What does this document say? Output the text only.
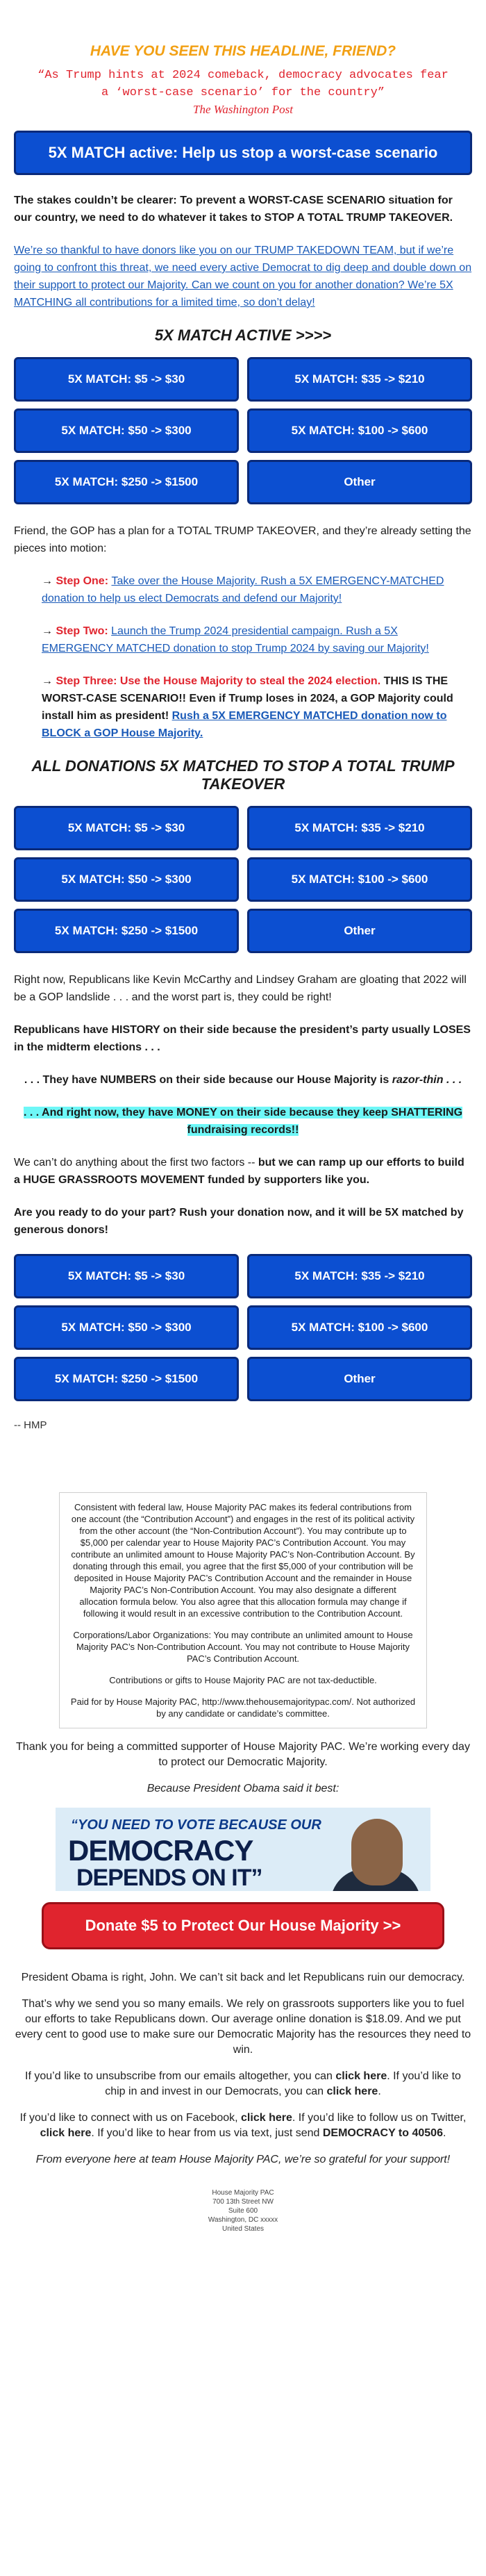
HAVE YOU SEEN THIS HEADLINE, FRIEND?
“As Trump hints at 2024 comeback, democracy advocates fear a ‘worst-case scenario’ for the country”
The Washington Post
5X MATCH active: Help us stop a worst-case scenario

The stakes couldn’t be clearer: To prevent a WORST-CASE SCENARIO situation for our country, we need to do whatever it takes to STOP A TOTAL TRUMP TAKEOVER.

We’re so thankful to have donors like you on our TRUMP TAKEDOWN TEAM, but if we’re going to confront this threat, we need every active Democrat to dig deep and double down on their support to protect our Majority. Can we count on you for another donation? We’re 5X MATCHING all contributions for a limited time, so don’t delay!

5X MATCH ACTIVE >>>>
5X MATCH: $5 -> $30	5X MATCH: $35 -> $210
5X MATCH: $50 -> $300	5X MATCH: $100 -> $600
5X MATCH: $250 -> $1500	Other

Friend, the GOP has a plan for a TOTAL TRUMP TAKEOVER, and they’re already setting the pieces into motion:

→ Step One: Take over the House Majority. Rush a 5X EMERGENCY-MATCHED donation to help us elect Democrats and defend our Majority!

→ Step Two: Launch the Trump 2024 presidential campaign. Rush a 5X EMERGENCY MATCHED donation to stop Trump 2024 by saving our Majority!

→ Step Three: Use the House Majority to steal the 2024 election. THIS IS THE WORST-CASE SCENARIO!! Even if Trump loses in 2024, a GOP Majority could install him as president! Rush a 5X EMERGENCY MATCHED donation now to BLOCK a GOP House Majority.

ALL DONATIONS 5X MATCHED TO STOP A TOTAL TRUMP TAKEOVER
5X MATCH: $5 -> $30	5X MATCH: $35 -> $210
5X MATCH: $50 -> $300	5X MATCH: $100 -> $600
5X MATCH: $250 -> $1500	Other

Right now, Republicans like Kevin McCarthy and Lindsey Graham are gloating that 2022 will be a GOP landslide . . . and the worst part is, they could be right!

Republicans have HISTORY on their side because the president’s party usually LOSES in the midterm elections . . .

. . . They have NUMBERS on their side because our House Majority is razor-thin . . .

. . . And right now, they have MONEY on their side because they keep SHATTERING fundraising records!!

We can’t do anything about the first two factors -- but we can ramp up our efforts to build a HUGE GRASSROOTS MOVEMENT funded by supporters like you.

Are you ready to do your part? Rush your donation now, and it will be 5X matched by generous donors!

5X MATCH: $5 -> $30	5X MATCH: $35 -> $210
5X MATCH: $50 -> $300	5X MATCH: $100 -> $600
5X MATCH: $250 -> $1500	Other
-- HMP

Consistent with federal law, House Majority PAC makes its federal contributions from one account (the “Contribution Account”) and engages in the rest of its political activity from the other account (the “Non-Contribution Account”). You may contribute up to $5,000 per calendar year to House Majority PAC’s Contribution Account. You may contribute an unlimited amount to House Majority PAC’s Non-Contribution Account. By donating through this email, you agree that the first $5,000 of your contribution will be deposited in House Majority PAC’s Contribution Account and the remainder in House Majority PAC’s Non-Contribution Account. You may also designate a different allocation formula below. You also agree that this allocation formula may change if following it would result in an excessive contribution to the Contribution Account.

Corporations/Labor Organizations: You may contribute an unlimited amount to House Majority PAC’s Non-Contribution Account. You may not contribute to House Majority PAC’s Contribution Account.

Contributions or gifts to House Majority PAC are not tax-deductible.

Paid for by House Majority PAC, http://www.thehousemajoritypac.com/. Not authorized by any candidate or candidate’s committee.

Thank you for being a committed supporter of House Majority PAC. We’re working every day to protect our Democratic Majority.
Because President Obama said it best:
“YOU NEED TO VOTE BECAUSE OUR
DEMOCRACY
DEPENDS ON IT”
Donate $5 to Protect Our House Majority >>
President Obama is right, John. We can’t sit back and let Republicans ruin our democracy.
That’s why we send you so many emails. We rely on grassroots supporters like you to fuel our efforts to take Republicans down. Our average online donation is $18.09. And we put every cent to good use to make sure our Democratic Majority has the resources they need to win.
If you’d like to unsubscribe from our emails altogether, you can click here. If you’d like to chip in and invest in our Democrats, you can click here.
If you’d like to connect with us on Facebook, click here. If you’d like to follow us on Twitter, click here. If you’d like to hear from us via text, just send DEMOCRACY to 40506.
From everyone here at team House Majority PAC, we’re so grateful for your support!
House Majority PAC
700 13th Street NW
Suite 600
Washington, DC xxxxx
United States
